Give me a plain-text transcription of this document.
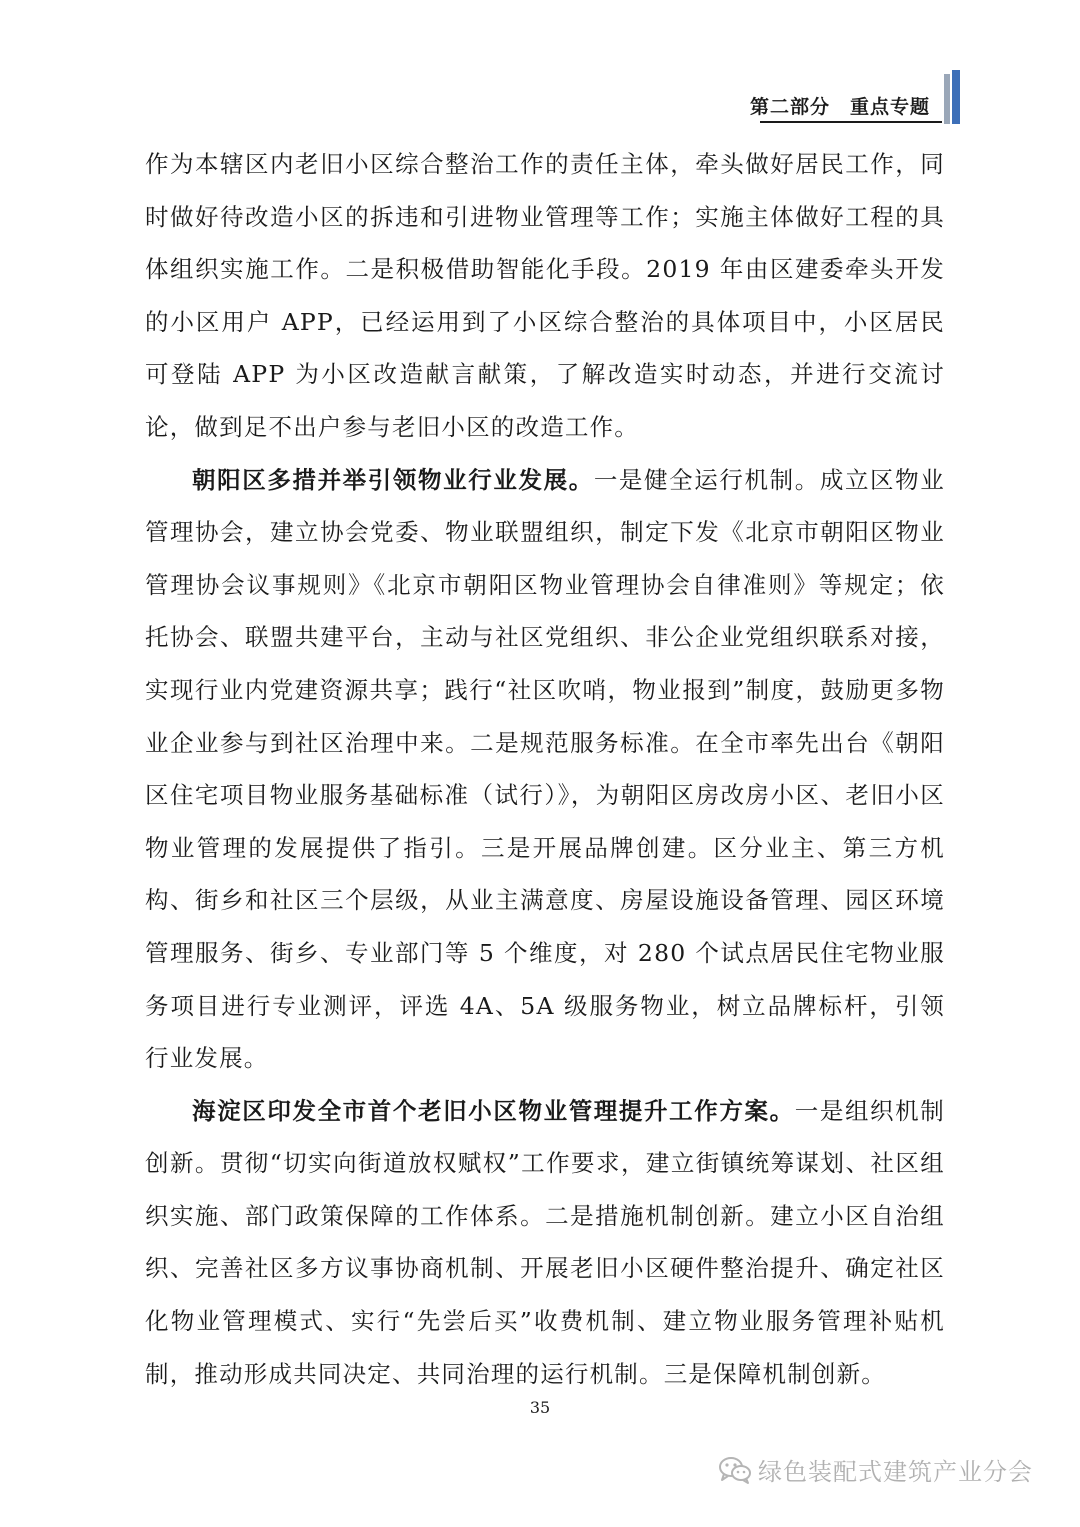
第二部分　重点专题

作为本辖区内老旧小区综合整治工作的责任主体，牵头做好居民工作，同时做好待改造小区的拆违和引进物业管理等工作；实施主体做好工程的具体组织实施工作。二是积极借助智能化手段。2019 年由区建委牵头开发的小区用户 APP，已经运用到了小区综合整治的具体项目中，小区居民可登陆 APP 为小区改造献言献策，了解改造实时动态，并进行交流讨论，做到足不出户参与老旧小区的改造工作。

朝阳区多措并举引领物业行业发展。一是健全运行机制。成立区物业管理协会，建立协会党委、物业联盟组织，制定下发《北京市朝阳区物业管理协会议事规则》《北京市朝阳区物业管理协会自律准则》等规定；依托协会、联盟共建平台，主动与社区党组织、非公企业党组织联系对接，实现行业内党建资源共享；践行“社区吹哨，物业报到”制度，鼓励更多物业企业参与到社区治理中来。二是规范服务标准。在全市率先出台《朝阳区住宅项目物业服务基础标准（试行）》，为朝阳区房改房小区、老旧小区物业管理的发展提供了指引。三是开展品牌创建。区分业主、第三方机构、街乡和社区三个层级，从业主满意度、房屋设施设备管理、园区环境管理服务、街乡、专业部门等 5 个维度，对 280 个试点居民住宅物业服务项目进行专业测评，评选 4A、5A 级服务物业，树立品牌标杆，引领行业发展。

海淀区印发全市首个老旧小区物业管理提升工作方案。一是组织机制创新。贯彻“切实向街道放权赋权”工作要求，建立街镇统筹谋划、社区组织实施、部门政策保障的工作体系。二是措施机制创新。建立小区自治组织、完善社区多方议事协商机制、开展老旧小区硬件整治提升、确定社区化物业管理模式、实行“先尝后买”收费机制、建立物业服务管理补贴机制，推动形成共同决定、共同治理的运行机制。三是保障机制创新。

35
绿色装配式建筑产业分会
